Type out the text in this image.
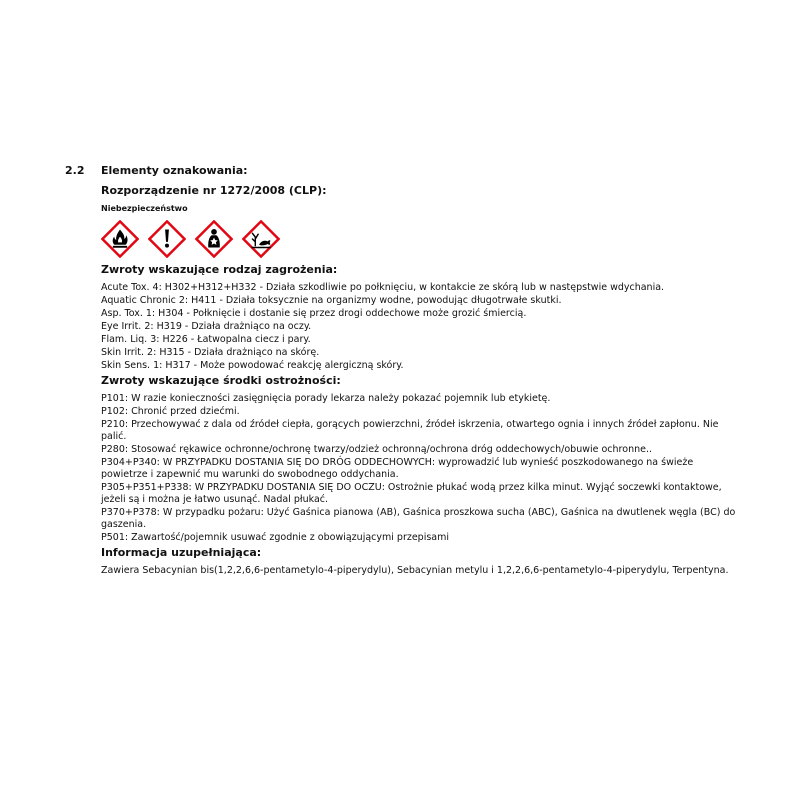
2.2 Elementy oznakowania:
Rozporządzenie nr 1272/2008 (CLP):
Niebezpieczeństwo
Zwroty wskazujące rodzaj zagrożenia:
Acute Tox. 4: H302+H312+H332 - Działa szkodliwie po połknięciu, w kontakcie ze skórą lub w następstwie wdychania.
Aquatic Chronic 2: H411 - Działa toksycznie na organizmy wodne, powodując długotrwałe skutki.
Asp. Tox. 1: H304 - Połknięcie i dostanie się przez drogi oddechowe może grozić śmiercią.
Eye Irrit. 2: H319 - Działa drażniąco na oczy.
Flam. Liq. 3: H226 - Łatwopalna ciecz i pary.
Skin Irrit. 2: H315 - Działa drażniąco na skórę.
Skin Sens. 1: H317 - Może powodować reakcję alergiczną skóry.
Zwroty wskazujące środki ostrożności:
P101: W razie konieczności zasięgnięcia porady lekarza należy pokazać pojemnik lub etykietę.
P102: Chronić przed dziećmi.
P210: Przechowywać z dala od źródeł ciepła, gorących powierzchni, źródeł iskrzenia, otwartego ognia i innych źródeł zapłonu. Nie palić.
P280: Stosować rękawice ochronne/ochronę twarzy/odzież ochronną/ochrona dróg oddechowych/obuwie ochronne..
P304+P340: W PRZYPADKU DOSTANIA SIĘ DO DRÓG ODDECHOWYCH: wyprowadzić lub wynieść poszkodowanego na świeże powietrze i zapewnić mu warunki do swobodnego oddychania.
P305+P351+P338: W PRZYPADKU DOSTANIA SIĘ DO OCZU: Ostrożnie płukać wodą przez kilka minut. Wyjąć soczewki kontaktowe, jeżeli są i można je łatwo usunąć. Nadal płukać.
P370+P378: W przypadku pożaru: Użyć Gaśnica pianowa (AB), Gaśnica proszkowa sucha (ABC), Gaśnica na dwutlenek węgla (BC) do gaszenia.
P501: Zawartość/pojemnik usuwać zgodnie z obowiązującymi przepisami
Informacja uzupełniająca:
Zawiera Sebacynian bis(1,2,2,6,6-pentametylo-4-piperydylu), Sebacynian metylu i 1,2,2,6,6-pentametylo-4-piperydylu, Terpentyna.
